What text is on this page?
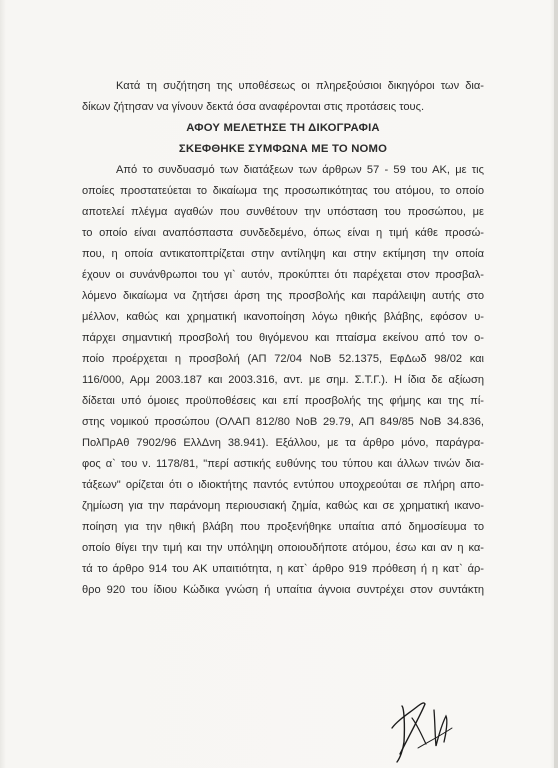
Κατά τη συζήτηση της υποθέσεως οι πληρεξούσιοι δικηγόροι των δια-
δίκων ζήτησαν να γίνουν δεκτά όσα αναφέρονται στις προτάσεις τους.
ΑΦΟΥ ΜΕΛΕΤΗΣΕ ΤΗ ΔΙΚΟΓΡΑΦΙΑ
ΣΚΕΦΘΗΚΕ ΣΥΜΦΩΝΑ ΜΕ ΤΟ ΝΟΜΟ
Από το συνδυασμό των διατάξεων των άρθρων 57 - 59 του ΑΚ, με τις
οποίες προστατεύεται το δικαίωμα της προσωπικότητας του ατόμου, το οποίο
αποτελεί πλέγμα αγαθών που συνθέτουν την υπόσταση του προσώπου, με
το οποίο είναι αναπόσπαστα συνδεδεμένο, όπως είναι η τιμή κάθε προσώ-
που, η οποία αντικατοπτρίζεται στην αντίληψη και στην εκτίμηση την οποία
έχουν οι συνάνθρωποι του γι` αυτόν, προκύπτει ότι παρέχεται στον προσβαλ-
λόμενο δικαίωμα να ζητήσει άρση της προσβολής και παράλειψη αυτής στο
μέλλον, καθώς και χρηματική ικανοποίηση λόγω ηθικής βλάβης, εφόσον υ-
πάρχει σημαντική προσβολή του θιγόμενου και πταίσμα εκείνου από τον ο-
ποίο προέρχεται η προσβολή (ΑΠ 72/04 ΝοΒ 52.1375, ΕφΔωδ 98/02 και
116/000, Αρμ 2003.187 και 2003.316, αντ. με σημ. Σ.Τ.Γ.). Η ίδια δε αξίωση
δίδεται υπό όμοιες προϋποθέσεις και επί προσβολής της φήμης και της πί-
στης νομικού προσώπου (ΟΛΑΠ 812/80 ΝοΒ 29.79, ΑΠ 849/85 ΝοΒ 34.836,
ΠολΠρΑθ 7902/96 ΕλλΔνη 38.941). Εξάλλου, με τα άρθρο μόνο, παράγρα-
φος α` του ν. 1178/81, "περί αστικής ευθύνης του τύπου και άλλων τινών δια-
τάξεων" ορίζεται ότι ο ιδιοκτήτης παντός εντύπου υποχρεούται σε πλήρη απο-
ζημίωση για την παράνομη περιουσιακή ζημία, καθώς και σε χρηματική ικανο-
ποίηση για την ηθική βλάβη που προξενήθηκε υπαίτια από δημοσίευμα το
οποίο θίγει την τιμή και την υπόληψη οποιουδήποτε ατόμου, έσω και αν η κα-
τά το άρθρο 914 του ΑΚ υπαιτιότητα, η κατ` άρθρο 919 πρόθεση ή η κατ` άρ-
θρο 920 του ίδιου Κώδικα γνώση ή υπαίτια άγνοια συντρέχει στον συντάκτη
